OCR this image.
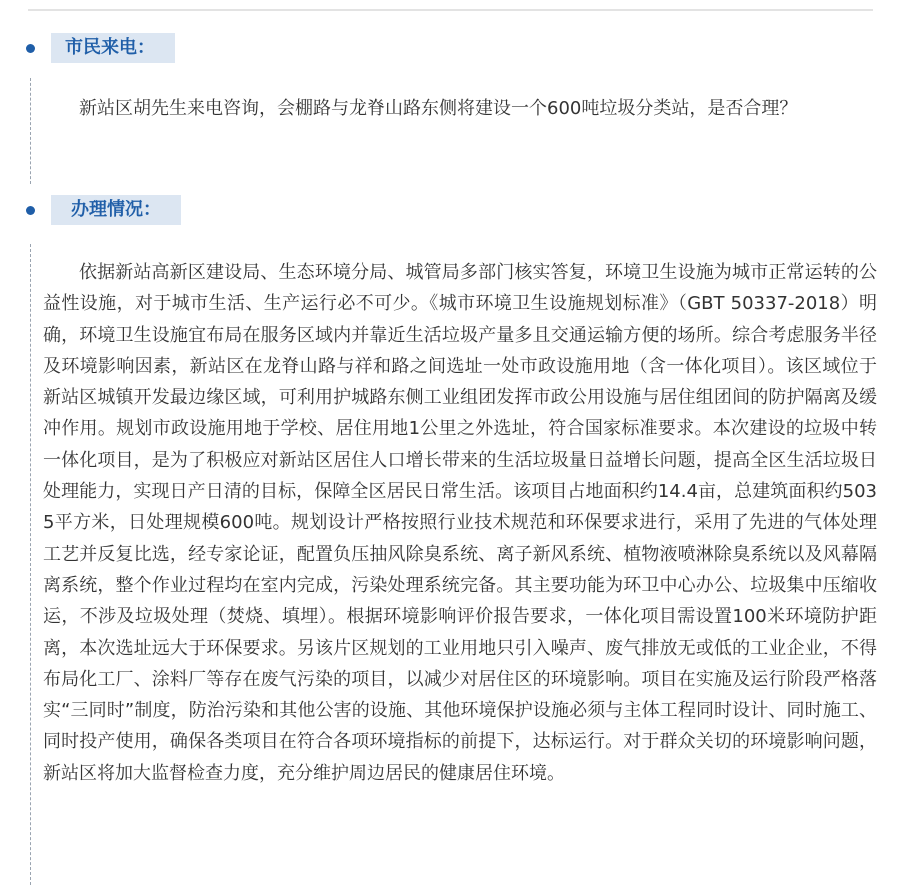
市民来电：

新站区胡先生来电咨询，会棚路与龙脊山路东侧将建设一个600吨垃圾分类站，是否合理？

办理情况：

依据新站高新区建设局、生态环境分局、城管局多部门核实答复，环境卫生设施为城市正常运转的公益性设施，对于城市生活、生产运行必不可少。《城市环境卫生设施规划标准》（GBT 50337-2018）明确，环境卫生设施宜布局在服务区域内并靠近生活垃圾产量多且交通运输方便的场所。综合考虑服务半径及环境影响因素，新站区在龙脊山路与祥和路之间选址一处市政设施用地（含一体化项目）。该区域位于新站区城镇开发最边缘区域，可利用护城路东侧工业组团发挥市政公用设施与居住组团间的防护隔离及缓冲作用。规划市政设施用地于学校、居住用地1公里之外选址，符合国家标准要求。本次建设的垃圾中转一体化项目，是为了积极应对新站区居住人口增长带来的生活垃圾量日益增长问题，提高全区生活垃圾日处理能力，实现日产日清的目标，保障全区居民日常生活。该项目占地面积约14.4亩，总建筑面积约5035平方米，日处理规模600吨。规划设计严格按照行业技术规范和环保要求进行，采用了先进的气体处理工艺并反复比选，经专家论证，配置负压抽风除臭系统、离子新风系统、植物液喷淋除臭系统以及风幕隔离系统，整个作业过程均在室内完成，污染处理系统完备。其主要功能为环卫中心办公、垃圾集中压缩收运，不涉及垃圾处理（焚烧、填埋）。根据环境影响评价报告要求，一体化项目需设置100米环境防护距离，本次选址远大于环保要求。另该片区规划的工业用地只引入噪声、废气排放无或低的工业企业，不得布局化工厂、涂料厂等存在废气污染的项目，以减少对居住区的环境影响。项目在实施及运行阶段严格落实“三同时”制度，防治污染和其他公害的设施、其他环境保护设施必须与主体工程同时设计、同时施工、同时投产使用，确保各类项目在符合各项环境指标的前提下，达标运行。对于群众关切的环境影响问题，新站区将加大监督检查力度，充分维护周边居民的健康居住环境。
